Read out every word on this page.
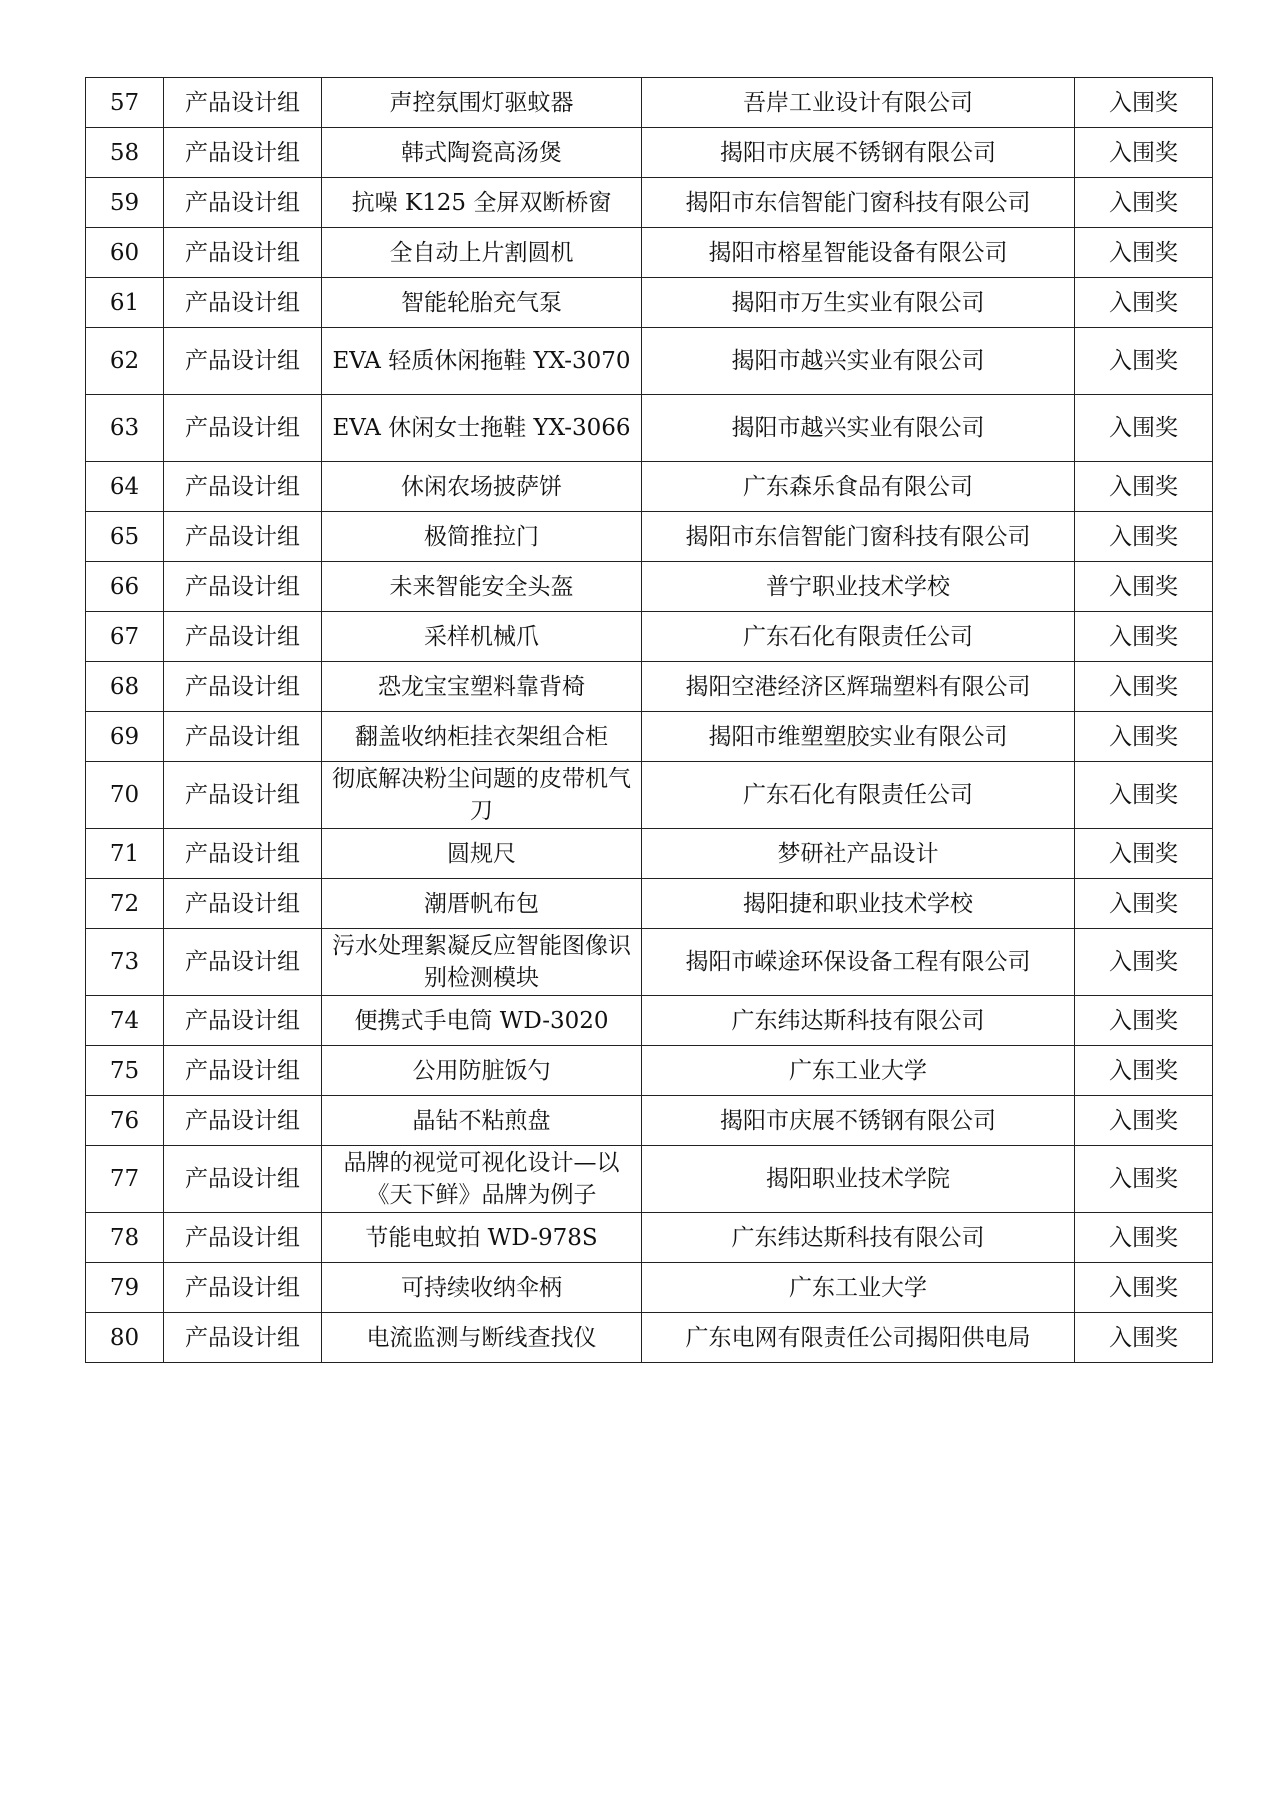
57	产品设计组	声控氛围灯驱蚊器	吾岸工业设计有限公司	入围奖
58	产品设计组	韩式陶瓷高汤煲	揭阳市庆展不锈钢有限公司	入围奖
59	产品设计组	抗噪 K125 全屏双断桥窗	揭阳市东信智能门窗科技有限公司	入围奖
60	产品设计组	全自动上片割圆机	揭阳市榕星智能设备有限公司	入围奖
61	产品设计组	智能轮胎充气泵	揭阳市万生实业有限公司	入围奖
62	产品设计组	EVA 轻质休闲拖鞋 YX-3070	揭阳市越兴实业有限公司	入围奖
63	产品设计组	EVA 休闲女士拖鞋 YX-3066	揭阳市越兴实业有限公司	入围奖
64	产品设计组	休闲农场披萨饼	广东森乐食品有限公司	入围奖
65	产品设计组	极简推拉门	揭阳市东信智能门窗科技有限公司	入围奖
66	产品设计组	未来智能安全头盔	普宁职业技术学校	入围奖
67	产品设计组	采样机械爪	广东石化有限责任公司	入围奖
68	产品设计组	恐龙宝宝塑料靠背椅	揭阳空港经济区辉瑞塑料有限公司	入围奖
69	产品设计组	翻盖收纳柜挂衣架组合柜	揭阳市维塑塑胶实业有限公司	入围奖
70	产品设计组	彻底解决粉尘问题的皮带机气刀	广东石化有限责任公司	入围奖
71	产品设计组	圆规尺	梦研社产品设计	入围奖
72	产品设计组	潮厝帆布包	揭阳捷和职业技术学校	入围奖
73	产品设计组	污水处理絮凝反应智能图像识别检测模块	揭阳市嵘途环保设备工程有限公司	入围奖
74	产品设计组	便携式手电筒 WD-3020	广东纬达斯科技有限公司	入围奖
75	产品设计组	公用防脏饭勺	广东工业大学	入围奖
76	产品设计组	晶钻不粘煎盘	揭阳市庆展不锈钢有限公司	入围奖
77	产品设计组	品牌的视觉可视化设计—以《天下鲜》品牌为例子	揭阳职业技术学院	入围奖
78	产品设计组	节能电蚊拍 WD-978S	广东纬达斯科技有限公司	入围奖
79	产品设计组	可持续收纳伞柄	广东工业大学	入围奖
80	产品设计组	电流监测与断线查找仪	广东电网有限责任公司揭阳供电局	入围奖
